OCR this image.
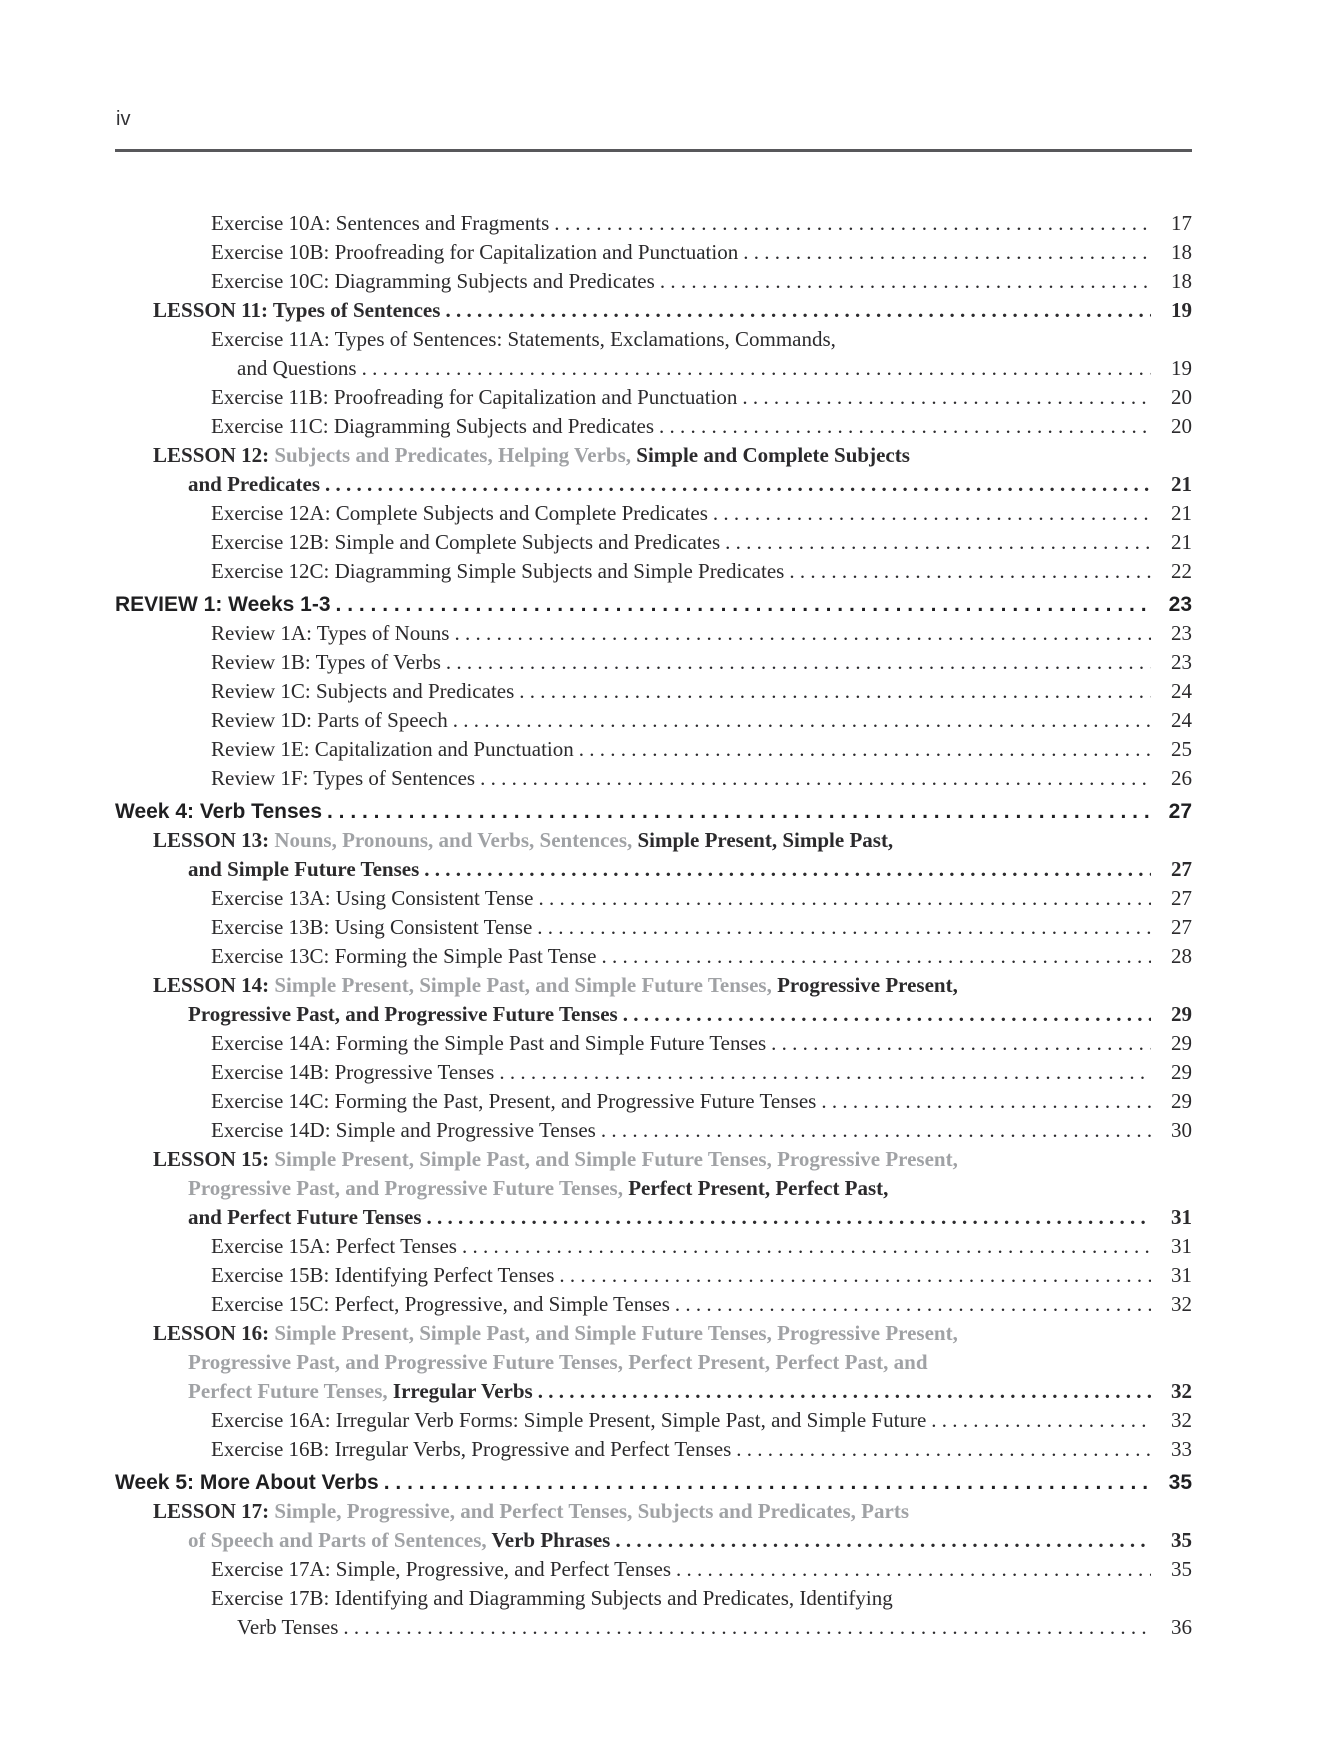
iv
Exercise 10A: Sentences and Fragments . . .	17
Exercise 10B: Proofreading for Capitalization and Punctuation . . .	18
Exercise 10C: Diagramming Subjects and Predicates . . .	18
LESSON 11: Types of Sentences . . .	19
Exercise 11A: Types of Sentences: Statements, Exclamations, Commands,
and Questions . . .	19
Exercise 11B: Proofreading for Capitalization and Punctuation . . .	20
Exercise 11C: Diagramming Subjects and Predicates . . .	20
LESSON 12: Subjects and Predicates, Helping Verbs, Simple and Complete Subjects
and Predicates . . .	21
Exercise 12A: Complete Subjects and Complete Predicates . . .	21
Exercise 12B: Simple and Complete Subjects and Predicates . . .	21
Exercise 12C: Diagramming Simple Subjects and Simple Predicates . . .	22
REVIEW 1: Weeks 1-3 . . .	23
Review 1A: Types of Nouns . . .	23
Review 1B: Types of Verbs . . .	23
Review 1C: Subjects and Predicates . . .	24
Review 1D: Parts of Speech . . .	24
Review 1E: Capitalization and Punctuation . . .	25
Review 1F: Types of Sentences . . .	26
Week 4: Verb Tenses . . .	27
LESSON 13: Nouns, Pronouns, and Verbs, Sentences, Simple Present, Simple Past,
and Simple Future Tenses . . .	27
Exercise 13A: Using Consistent Tense . . .	27
Exercise 13B: Using Consistent Tense . . .	27
Exercise 13C: Forming the Simple Past Tense . . .	28
LESSON 14: Simple Present, Simple Past, and Simple Future Tenses, Progressive Present,
Progressive Past, and Progressive Future Tenses . . .	29
Exercise 14A: Forming the Simple Past and Simple Future Tenses . . .	29
Exercise 14B: Progressive Tenses . . .	29
Exercise 14C: Forming the Past, Present, and Progressive Future Tenses . . .	29
Exercise 14D: Simple and Progressive Tenses . . .	30
LESSON 15: Simple Present, Simple Past, and Simple Future Tenses, Progressive Present,
Progressive Past, and Progressive Future Tenses, Perfect Present, Perfect Past,
and Perfect Future Tenses . . .	31
Exercise 15A: Perfect Tenses . . .	31
Exercise 15B: Identifying Perfect Tenses . . .	31
Exercise 15C: Perfect, Progressive, and Simple Tenses . . .	32
LESSON 16: Simple Present, Simple Past, and Simple Future Tenses, Progressive Present,
Progressive Past, and Progressive Future Tenses, Perfect Present, Perfect Past, and
Perfect Future Tenses, Irregular Verbs . . .	32
Exercise 16A: Irregular Verb Forms: Simple Present, Simple Past, and Simple Future . . .	32
Exercise 16B: Irregular Verbs, Progressive and Perfect Tenses . . .	33
Week 5: More About Verbs . . .	35
LESSON 17: Simple, Progressive, and Perfect Tenses, Subjects and Predicates, Parts
of Speech and Parts of Sentences, Verb Phrases . . .	35
Exercise 17A: Simple, Progressive, and Perfect Tenses . . .	35
Exercise 17B: Identifying and Diagramming Subjects and Predicates, Identifying
Verb Tenses . . .	36
